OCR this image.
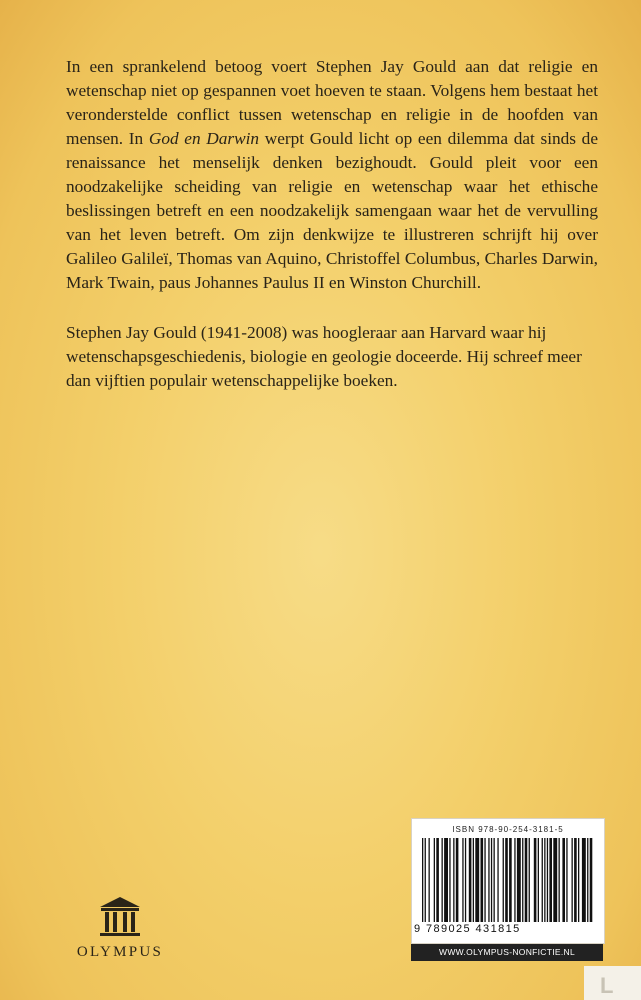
In een sprankelend betoog voert Stephen Jay Gould aan dat religie en wetenschap niet op gespannen voet hoeven te staan. Volgens hem bestaat het veronderstelde conflict tussen wetenschap en religie in de hoofden van mensen. In God en Darwin werpt Gould licht op een dilemma dat sinds de renaissance het menselijk denken bezighoudt. Gould pleit voor een noodzakelijke scheiding van religie en wetenschap waar het ethische beslissingen betreft en een noodzakelijk samengaan waar het de vervulling van het leven betreft. Om zijn denkwijze te illustreren schrijft hij over Galileo Galileï, Thomas van Aquino, Christoffel Columbus, Charles Darwin, Mark Twain, paus Johannes Paulus II en Winston Churchill.

Stephen Jay Gould (1941-2008) was hoogleraar aan Harvard waar hij wetenschapsgeschiedenis, biologie en geologie doceerde. Hij schreef meer dan vijftien populair wetenschappelijke boeken.

ISBN 978-90-254-3181-5
9 789025 431815
WWW.OLYMPUS-NONFICTIE.NL
OLYMPUS
L
